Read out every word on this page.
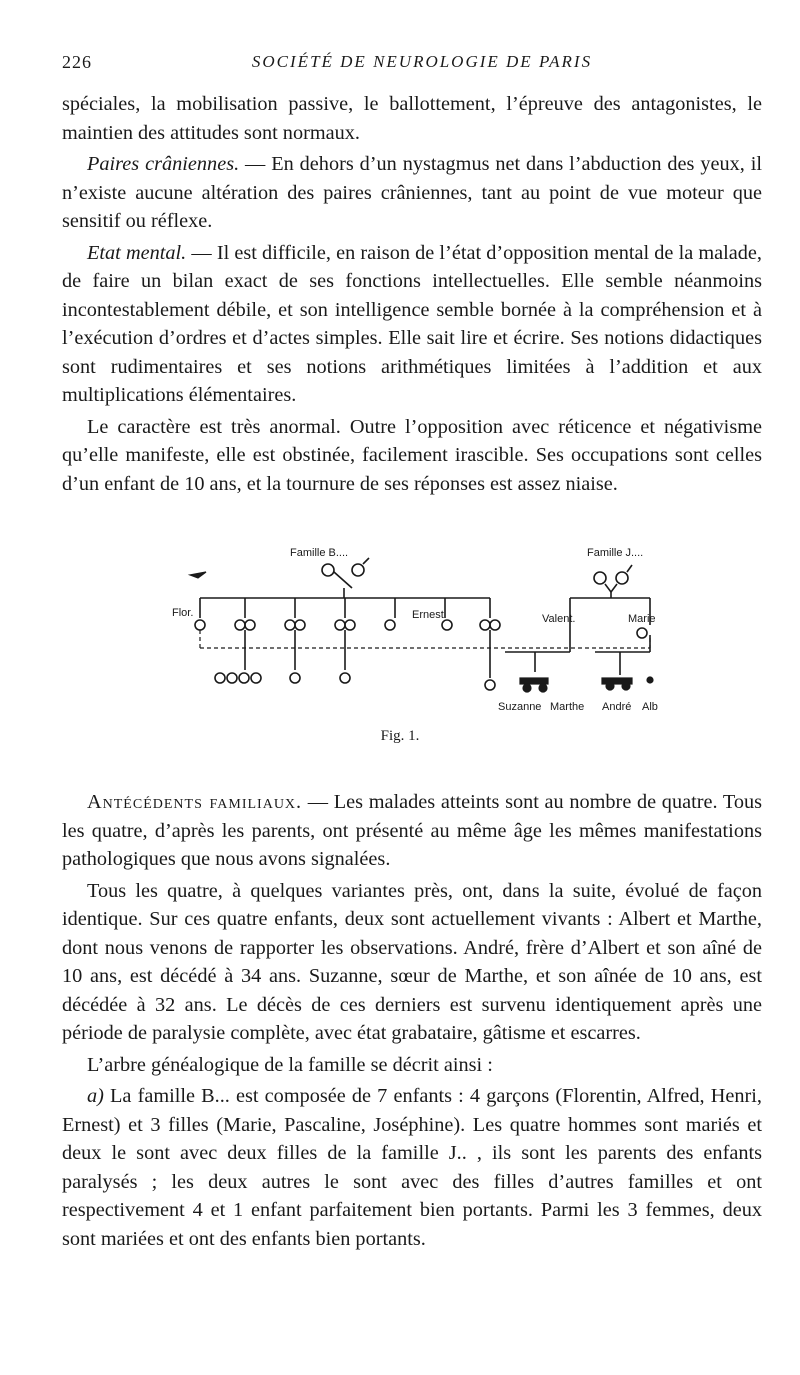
226	SOCIÉTÉ DE NEUROLOGIE DE PARIS

spéciales, la mobilisation passive, le ballottement, l’épreuve des antagonistes, le maintien des attitudes sont normaux.

Paires crâniennes. — En dehors d’un nystagmus net dans l’abduction des yeux, il n’existe aucune altération des paires crâniennes, tant au point de vue moteur que sensitif ou réflexe.

Etat mental. — Il est difficile, en raison de l’état d’opposition mental de la malade, de faire un bilan exact de ses fonctions intellectuelles. Elle semble néanmoins incontestablement débile, et son intelligence semble bornée à la compréhension et à l’exécution d’ordres et d’actes simples. Elle sait lire et écrire. Ses notions didactiques sont rudimentaires et ses notions arithmétiques limitées à l’addition et aux multiplications élémentaires.

Le caractère est très anormal. Outre l’opposition avec réticence et négativisme qu’elle manifeste, elle est obstinée, facilement irascible. Ses occupations sont celles d’un enfant de 10 ans, et la tournure de ses réponses est assez niaise.

Famille B....	Famille J....
Flor.	Ernest	Valent.	Marie
Suzanne Marthe André Alb
Fig. 1.

Antécédents familiaux. — Les malades atteints sont au nombre de quatre. Tous les quatre, d’après les parents, ont présenté au même âge les mêmes manifestations pathologiques que nous avons signalées.

Tous les quatre, à quelques variantes près, ont, dans la suite, évolué de façon identique. Sur ces quatre enfants, deux sont actuellement vivants : Albert et Marthe, dont nous venons de rapporter les observations. André, frère d’Albert et son aîné de 10 ans, est décédé à 34 ans. Suzanne, sœur de Marthe, et son aînée de 10 ans, est décédée à 32 ans. Le décès de ces derniers est survenu identiquement après une période de paralysie complète, avec état grabataire, gâtisme et escarres.

L’arbre généalogique de la famille se décrit ainsi :

a) La famille B... est composée de 7 enfants : 4 garçons (Florentin, Alfred, Henri, Ernest) et 3 filles (Marie, Pascaline, Joséphine). Les quatre hommes sont mariés et deux le sont avec deux filles de la famille J.. , ils sont les parents des enfants paralysés ; les deux autres le sont avec des filles d’autres familles et ont respectivement 4 et 1 enfant parfaitement bien portants. Parmi les 3 femmes, deux sont mariées et ont des enfants bien portants.
